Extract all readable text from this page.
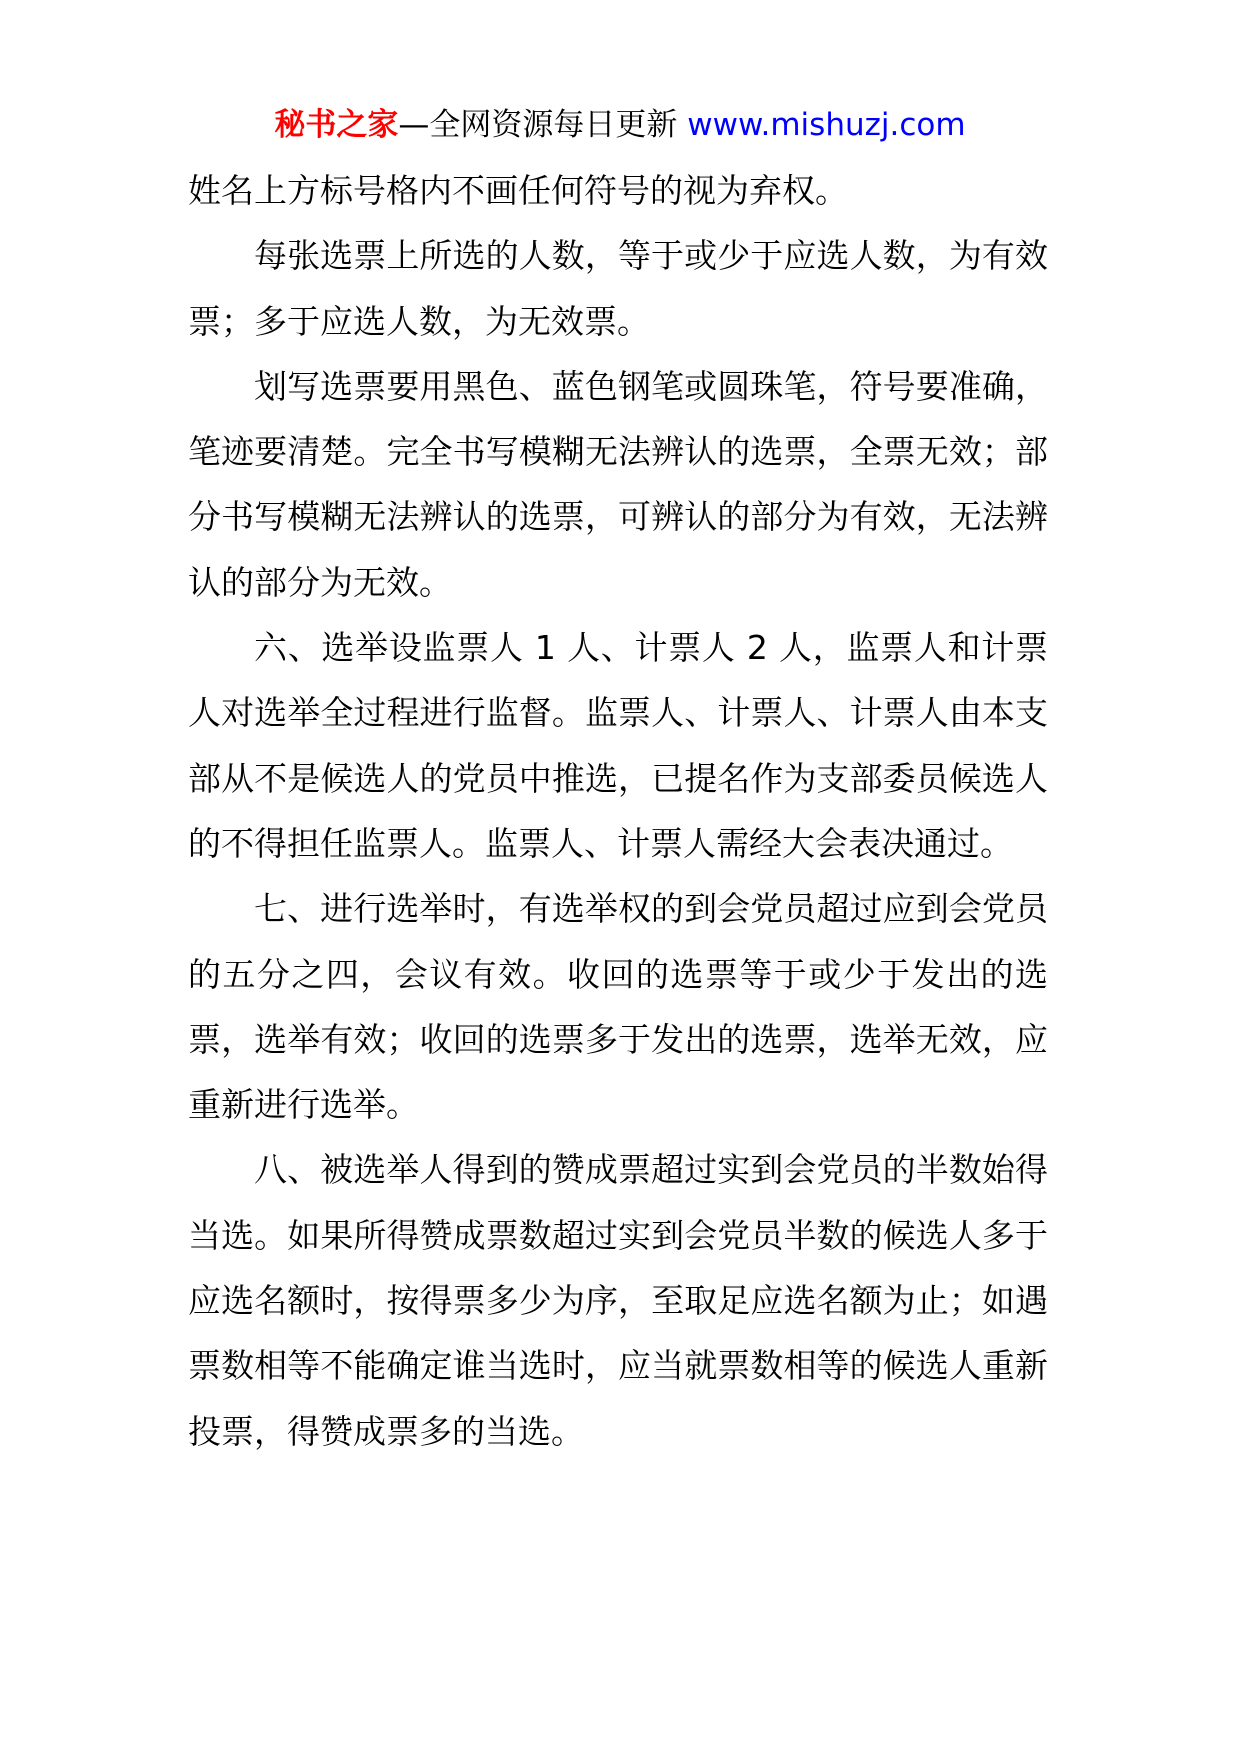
秘书之家—全网资源每日更新 www.mishuzj.com

姓名上方标号格内不画任何符号的视为弃权。

每张选票上所选的人数，等于或少于应选人数，为有效票；多于应选人数，为无效票。

划写选票要用黑色、蓝色钢笔或圆珠笔，符号要准确，笔迹要清楚。完全书写模糊无法辨认的选票，全票无效；部分书写模糊无法辨认的选票，可辨认的部分为有效，无法辨认的部分为无效。

六、选举设监票人 1 人、计票人 2 人，监票人和计票人对选举全过程进行监督。监票人、计票人、计票人由本支部从不是候选人的党员中推选，已提名作为支部委员候选人的不得担任监票人。监票人、计票人需经大会表决通过。

七、进行选举时，有选举权的到会党员超过应到会党员的五分之四，会议有效。收回的选票等于或少于发出的选票，选举有效；收回的选票多于发出的选票，选举无效，应重新进行选举。

八、被选举人得到的赞成票超过实到会党员的半数始得当选。如果所得赞成票数超过实到会党员半数的候选人多于应选名额时，按得票多少为序，至取足应选名额为止；如遇票数相等不能确定谁当选时，应当就票数相等的候选人重新投票，得赞成票多的当选。
